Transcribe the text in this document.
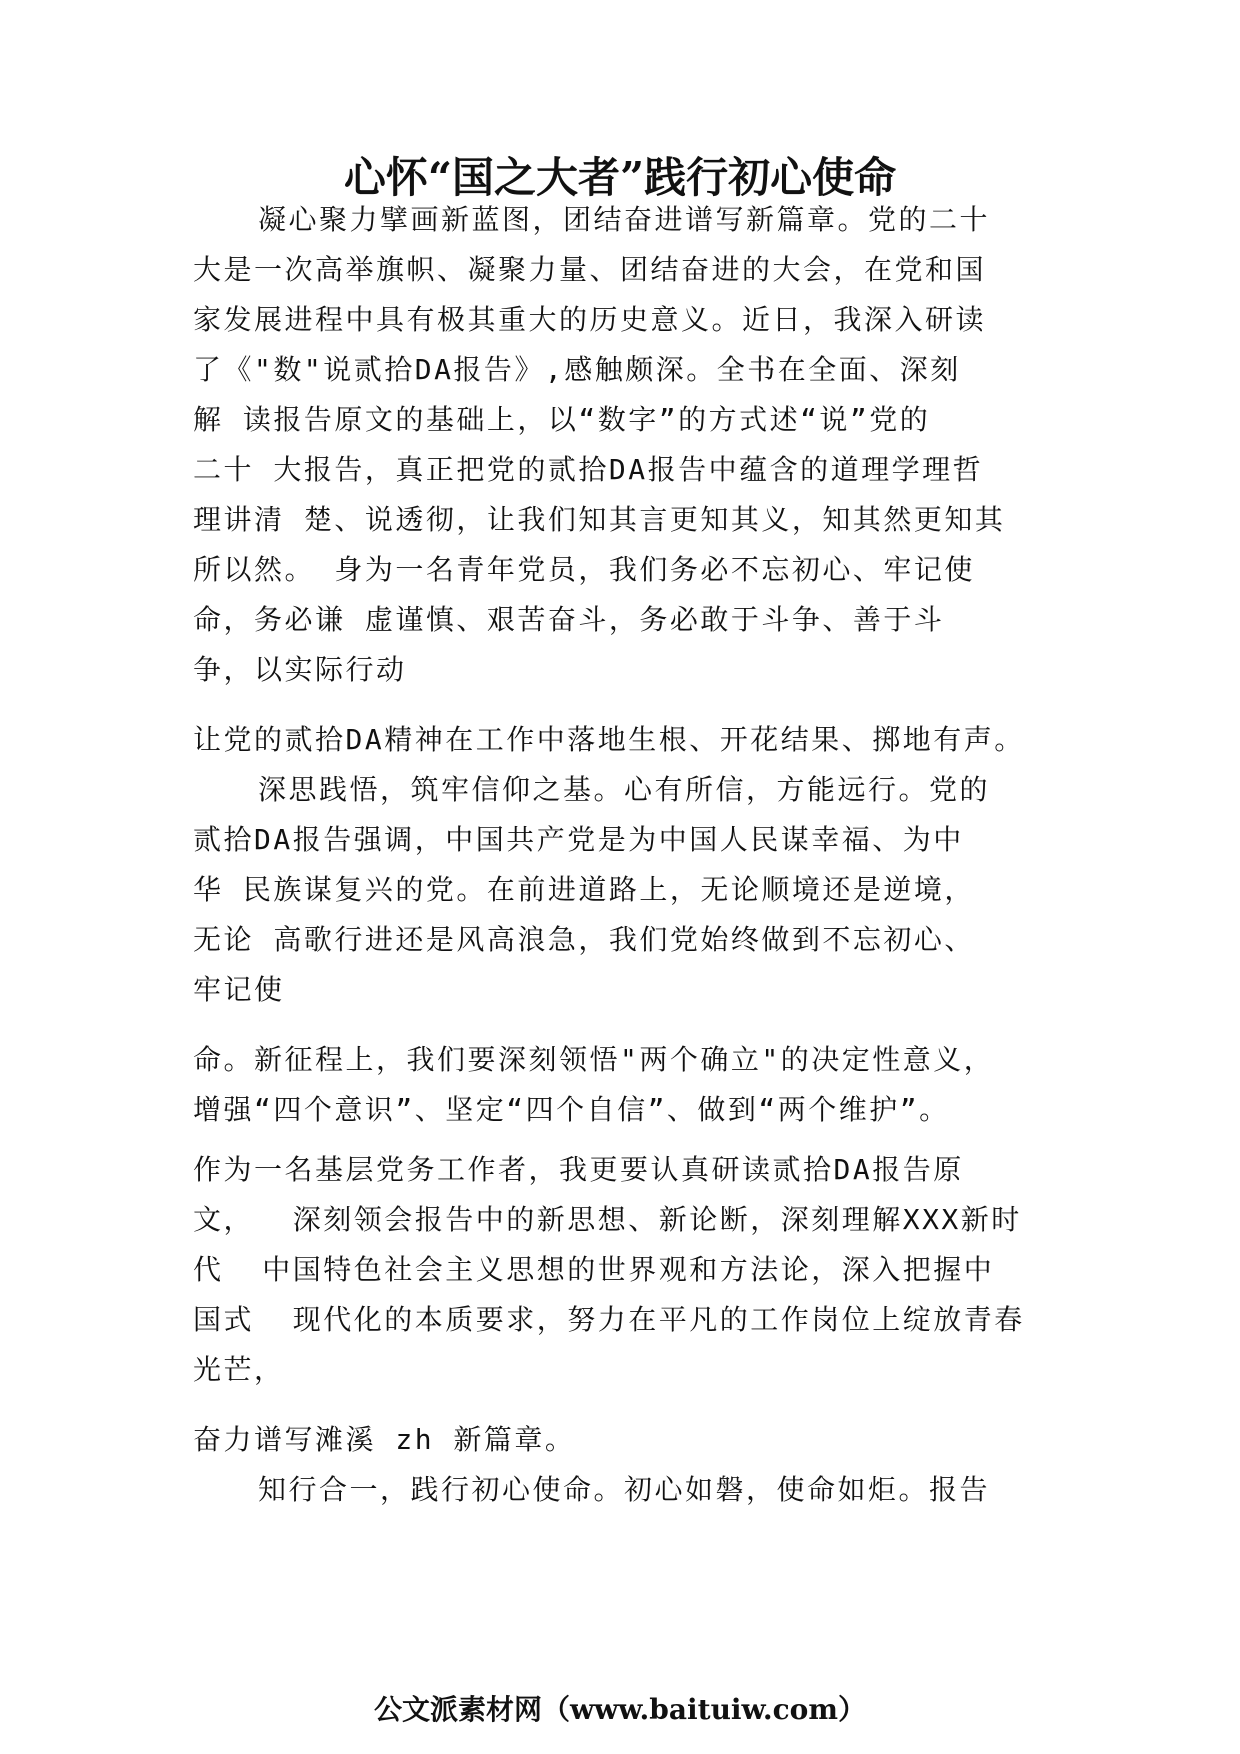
心怀“国之大者”践行初心使命
凝心聚力擘画新蓝图，团结奋进谱写新篇章。党的二十
大是一次高举旗帜、凝聚力量、团结奋进的大会，在党和国
家发展进程中具有极其重大的历史意义。近日，我深入研读
了《"数"说贰拾DA报告》,感触颇深。全书在全面、深刻
解 读报告原文的基础上，以“数字”的方式述“说”党的
二十 大报告，真正把党的贰拾DA报告中蕴含的道理学理哲
理讲清 楚、说透彻，让我们知其言更知其义，知其然更知其
所以然。 身为一名青年党员，我们务必不忘初心、牢记使
命，务必谦 虚谨慎、艰苦奋斗，务必敢于斗争、善于斗
争，以实际行动
让党的贰拾DA精神在工作中落地生根、开花结果、掷地有声。
深思践悟，筑牢信仰之基。心有所信，方能远行。党的
贰拾DA报告强调，中国共产党是为中国人民谋幸福、为中
华 民族谋复兴的党。在前进道路上，无论顺境还是逆境，
无论 高歌行进还是风高浪急，我们党始终做到不忘初心、
牢记使
命。新征程上，我们要深刻领悟"两个确立"的决定性意义，
增强“四个意识”、坚定“四个自信”、做到“两个维护”。
作为一名基层党务工作者，我更要认真研读贰拾DA报告原
文，  深刻领会报告中的新思想、新论断，深刻理解XXX新时
代  中国特色社会主义思想的世界观和方法论，深入把握中
国式  现代化的本质要求，努力在平凡的工作岗位上绽放青春
光芒，
奋力谱写滩溪 zh 新篇章。
知行合一，践行初心使命。初心如磐，使命如炬。报告
公文派素材网（www.baituiw.com）
